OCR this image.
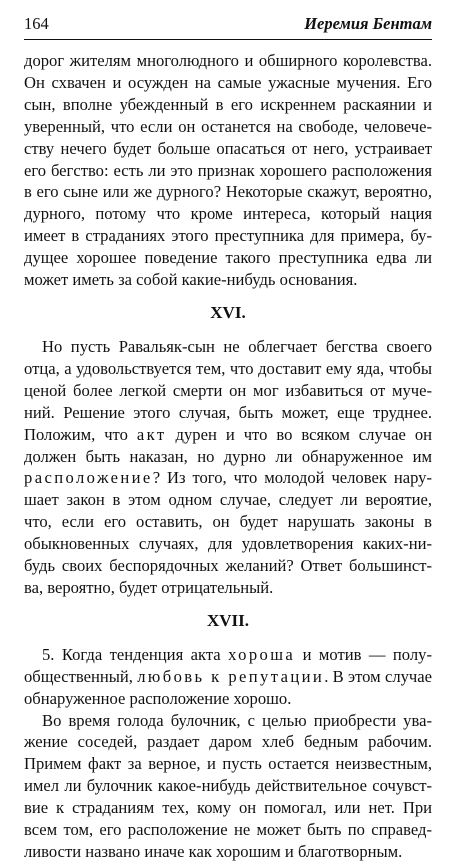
164	Иеремия Бентам

дорог жителям многолюдного и обширного королевства. Он схвачен и осужден на самые ужасные мучения. Его сын, вполне убежденный в его искреннем раскаянии и уверенный, что если он останется на свободе, человече- ству нечего будет больше опасаться от него, устраивает его бегство: есть ли это признак хорошего расположения в его сыне или же дурного? Некоторые скажут, вероятно, дурного, потому что кроме интереса, который нация имеет в страданиях этого преступника для примера, бу- дущее хорошее поведение такого преступника едва ли может иметь за собой какие-нибудь основания.

XVI.

Но пусть Равальяк-сын не облегчает бегства своего отца, а удовольствуется тем, что доставит ему яда, чтобы ценой более легкой смерти он мог избавиться от муче- ний. Решение этого случая, быть может, еще труднее. Положим, что акт дурен и что во всяком случае он должен быть наказан, но дурно ли обнаруженное им расположение? Из того, что молодой человек нару- шает закон в этом одном случае, следует ли вероятие, что, если его оставить, он будет нарушать законы в обыкновенных случаях, для удовлетворения каких-ни- будь своих беспорядочных желаний? Ответ большинст- ва, вероятно, будет отрицательный.

XVII.

5. Когда тенденция акта хороша и мотив — полу- общественный, любовь к репутации. В этом случае обнаруженное расположение хорошо.

Во время голода булочник, с целью приобрести ува- жение соседей, раздает даром хлеб бедным рабочим. Примем факт за верное, и пусть остается неизвестным, имел ли булочник какое-нибудь действительное сочувст- вие к страданиям тех, кому он помогал, или нет. При всем том, его расположение не может быть по справед- ливости названо иначе как хорошим и благотворным.
